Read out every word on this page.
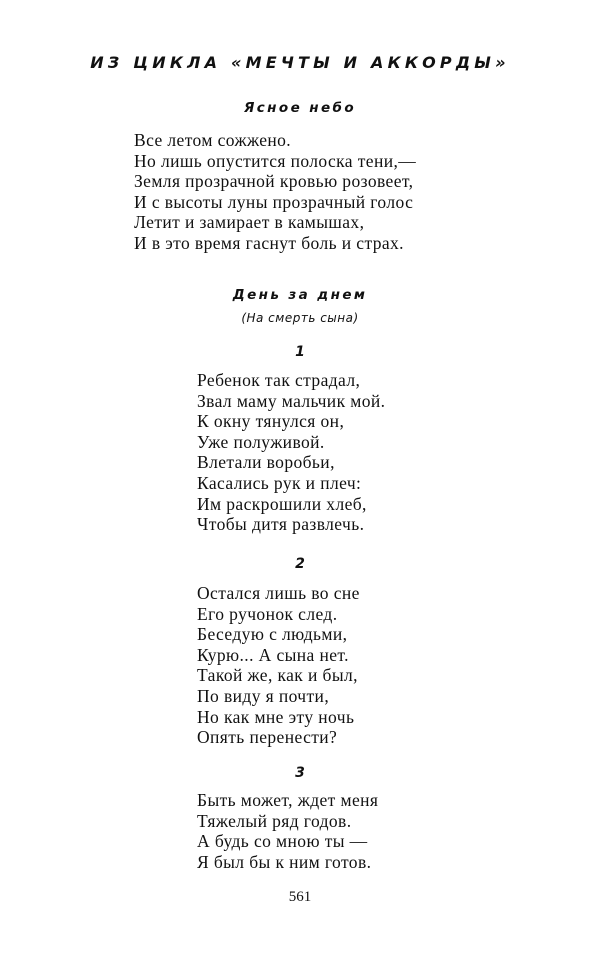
ИЗ ЦИКЛА «МЕЧТЫ И АККОРДЫ»
Ясное небо
Все летом сожжено.
Но лишь опустится полоска тени,—
Земля прозрачной кровью розовеет,
И с высоты луны прозрачный голос
Летит и замирает в камышах,
И в это время гаснут боль и страх.
День за днем
(На смерть сына)
1
Ребенок так страдал,
Звал маму мальчик мой.
К окну тянулся он,
Уже полуживой.
Влетали воробьи,
Касались рук и плеч:
Им раскрошили хлеб,
Чтобы дитя развлечь.
2
Остался лишь во сне
Его ручонок след.
Беседую с людьми,
Курю... А сына нет.
Такой же, как и был,
По виду я почти,
Но как мне эту ночь
Опять перенести?
3
Быть может, ждет меня
Тяжелый ряд годов.
А будь со мною ты —
Я был бы к ним готов.
561
